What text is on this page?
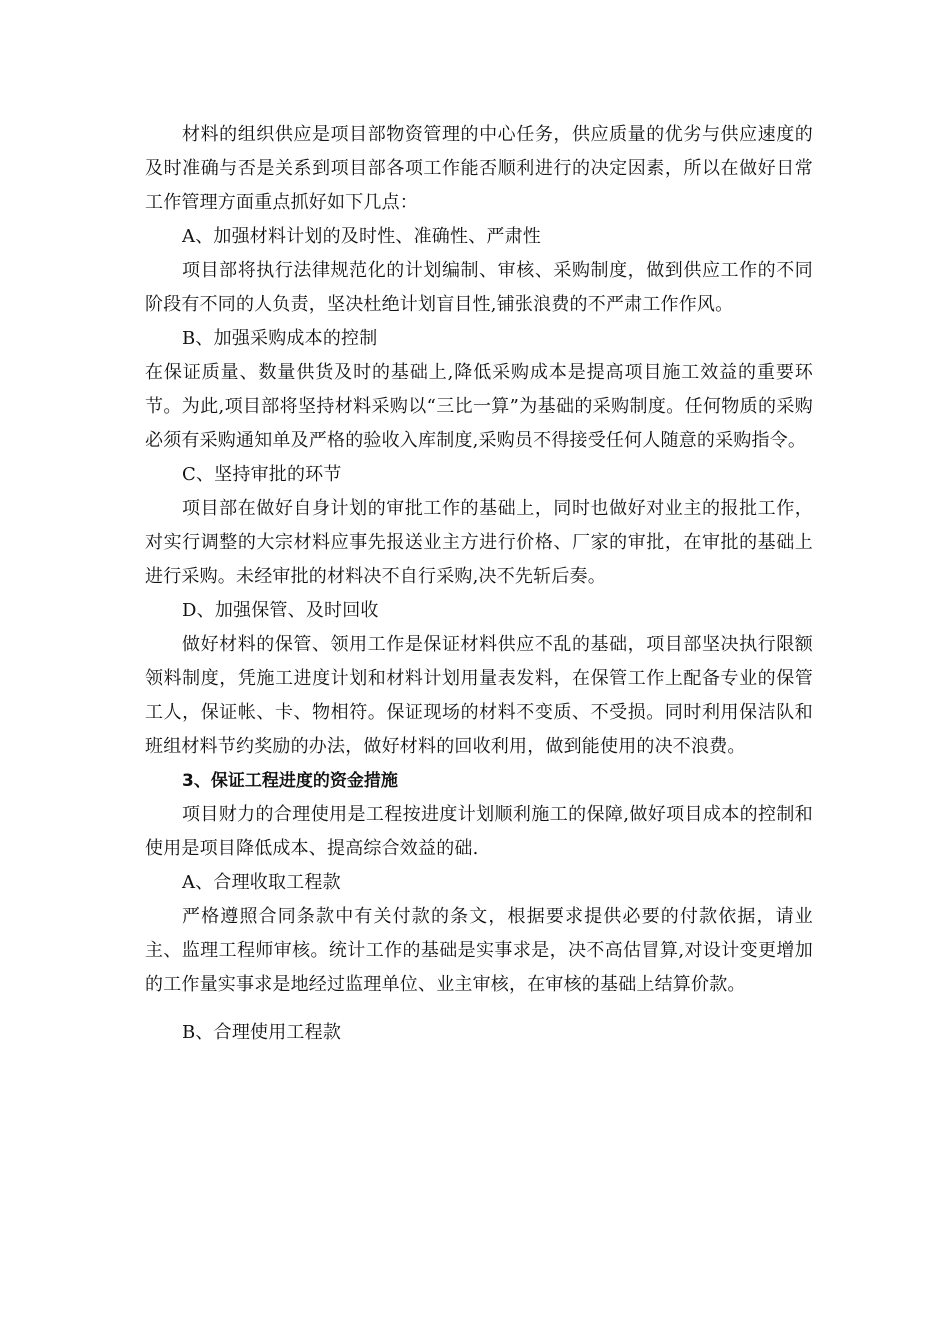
材料的组织供应是项目部物资管理的中心任务，供应质量的优劣与供应速度的及时准确与否是关系到项目部各项工作能否顺利进行的决定因素，所以在做好日常工作管理方面重点抓好如下几点：

A、加强材料计划的及时性、准确性、严肃性

项目部将执行法律规范化的计划编制、审核、采购制度，做到供应工作的不同阶段有不同的人负责，坚决杜绝计划盲目性,铺张浪费的不严肃工作作风。

B、加强采购成本的控制

在保证质量、数量供货及时的基础上,降低采购成本是提高项目施工效益的重要环节。为此,项目部将坚持材料采购以“三比一算”为基础的采购制度。任何物质的采购必须有采购通知单及严格的验收入库制度,采购员不得接受任何人随意的采购指令。

C、坚持审批的环节

项目部在做好自身计划的审批工作的基础上，同时也做好对业主的报批工作，对实行调整的大宗材料应事先报送业主方进行价格、厂家的审批，在审批的基础上进行采购。未经审批的材料决不自行采购,决不先斩后奏。

D、加强保管、及时回收

做好材料的保管、领用工作是保证材料供应不乱的基础，项目部坚决执行限额领料制度，凭施工进度计划和材料计划用量表发料，在保管工作上配备专业的保管工人，保证帐、卡、物相符。保证现场的材料不变质、不受损。同时利用保洁队和班组材料节约奖励的办法，做好材料的回收利用，做到能使用的决不浪费。

3、保证工程进度的资金措施

项目财力的合理使用是工程按进度计划顺利施工的保障,做好项目成本的控制和使用是项目降低成本、提高综合效益的础.

A、合理收取工程款

严格遵照合同条款中有关付款的条文，根据要求提供必要的付款依据，请业主、监理工程师审核。统计工作的基础是实事求是，决不高估冒算,对设计变更增加的工作量实事求是地经过监理单位、业主审核，在审核的基础上结算价款。

B、合理使用工程款
